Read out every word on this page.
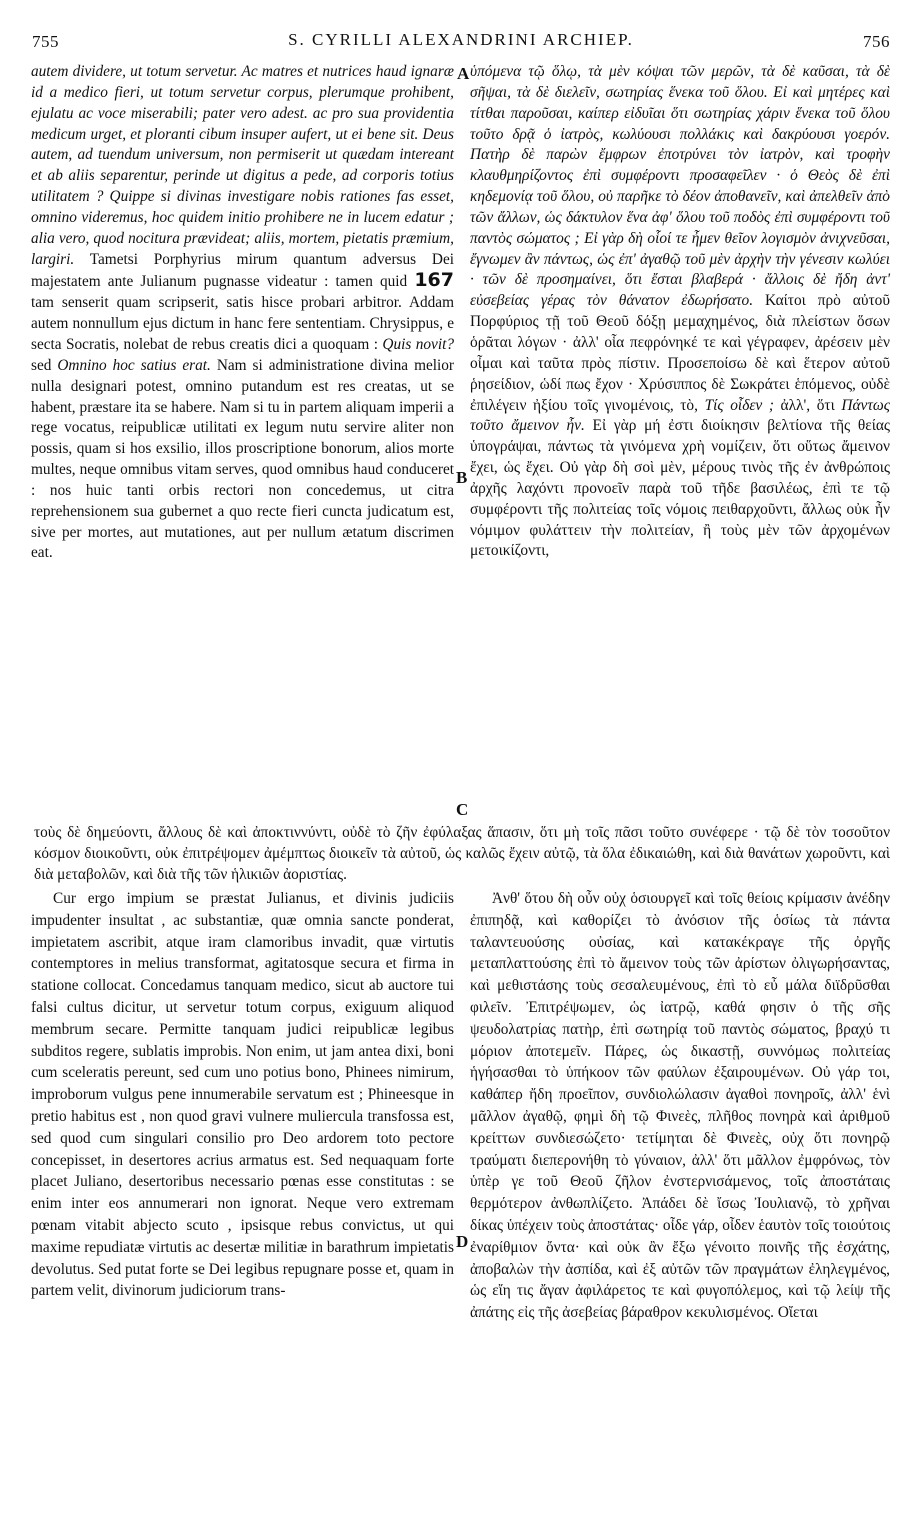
755	S. CYRILLI ALEXANDRINI ARCHIEP.	756
A
B
C
D

autem dividere, ut totum servetur. Ac matres et nutrices haud ignaræ id a medico fieri, ut totum servetur corpus, plerumque prohibent, ejulatu ac voce miserabili; pater vero adest. ac pro sua providentia medicum urget, et ploranti cibum insuper aufert, ut ei bene sit. Deus autem, ad tuendum universum, non permiserit ut quædam intereant et ab aliis separentur, perinde ut digitus a pede, ad corporis totius utilitatem ? Quippe si divinas investigare nobis rationes fas esset, omnino videremus, hoc quidem initio prohibere ne in lucem edatur ; alia vero, quod nocitura prævideat; aliis, mortem, pietatis præmium, largiri. Tametsi Porphyrius mirum quantum adversus Dei majestatem ante Julianum pugnasse videatur : tamen quid 167 tam senserit quam scripserit, satis hisce probari arbitror. Addam autem nonnullum ejus dictum in hanc fere sententiam. Chrysippus, e secta Socratis, nolebat de rebus creatis dici a quoquam : Quis novit? sed Omnino hoc satius erat. Nam si administratione divina melior nulla designari potest, omnino putandum est res creatas, ut se habent, præstare ita se habere. Nam si tu in partem aliquam imperii a rege vocatus, reipublicæ utilitati ex legum nutu servire aliter non possis, quam si hos exsilio, illos proscriptione bonorum, alios morte multes, neque omnibus vitam serves, quod omnibus haud conduceret : nos huic tanti orbis rectori non concedemus, ut citra reprehensionem sua gubernet a quo recte fieri cuncta judicatum est, sive per mortes, aut mutationes, aut per nullum ætatum discrimen eat.

ὑπόμενα τῷ ὅλῳ, τὰ μὲν κόψαι τῶν μερῶν, τὰ δὲ καῦσαι, τὰ δὲ σῆψαι, τὰ δὲ διελεῖν, σωτηρίας ἕνεκα τοῦ ὅλου. Εἰ καὶ μητέρες καὶ τίτθαι παροῦσαι, καίπερ εἰδυῖαι ὅτι σωτηρίας χάριν ἕνεκα τοῦ ὅλου τοῦτο δρᾷ ὁ ἰατρὸς, κωλύουσι πολλάκις καὶ δακρύουσι γοερόν. Πατὴρ δὲ παρὼν ἔμφρων ἐποτρύνει τὸν ἰατρὸν, καὶ τροφὴν κλαυθμηρίζοντος ἐπὶ συμφέροντι προσαφεῖλεν · ὁ Θεὸς δὲ ἐπὶ κηδεμονίᾳ τοῦ ὅλου, οὐ παρῆκε τὸ δέον ἀποθανεῖν, καὶ ἀπελθεῖν ἀπὸ τῶν ἄλλων, ὡς δάκτυλον ἕνα ἀφ' ὅλου τοῦ ποδὸς ἐπὶ συμφέροντι τοῦ παντὸς σώματος ; Εἰ γὰρ δὴ οἷοί τε ἦμεν θεῖον λογισμὸν ἀνιχνεῦσαι, ἔγνωμεν ἂν πάντως, ὡς ἐπ' ἀγαθῷ τοῦ μὲν ἀρχὴν τὴν γένεσιν κωλύει · τῶν δὲ προσημαίνει, ὅτι ἔσται βλαβερά · ἄλλοις δὲ ἤδη ἀντ' εὐσεβείας γέρας τὸν θάνατον ἐδωρήσατο. Καίτοι πρὸ αὐτοῦ Πορφύριος τῇ τοῦ Θεοῦ δόξῃ μεμαχημένος, διὰ πλείστων ὅσων ὁρᾶται λόγων · ἀλλ' οἷα πεφρόνηκέ τε καὶ γέγραφεν, ἀρέσειν μὲν οἶμαι καὶ ταῦτα πρὸς πίστιν. Προσεποίσω δὲ καὶ ἕτερον αὐτοῦ ῥησείδιον, ὡδί πως ἔχον · Χρύσιππος δὲ Σωκράτει ἑπόμενος, οὐδὲ ἐπιλέγειν ἠξίου τοῖς γινομένοις, τὸ, Τίς οἶδεν ; ἀλλ', ὅτι Πάντως τοῦτο ἄμεινον ἦν. Εἰ γὰρ μή ἐστι διοίκησιν βελτίονα τῆς θείας ὑπογράψαι, πάντως τὰ γινόμενα χρὴ νομίζειν, ὅτι οὕτως ἄμεινον ἔχει, ὡς ἔχει. Οὐ γὰρ δὴ σοὶ μὲν, μέρους τινὸς τῆς ἐν ἀνθρώποις ἀρχῆς λαχόντι προνοεῖν παρὰ τοῦ τῆδε βασιλέως, ἐπὶ τε τῷ συμφέροντι τῆς πολιτείας τοῖς νόμοις πειθαρχοῦντι, ἄλλως οὐκ ἦν νόμιμον φυλάττειν τὴν πολιτείαν, ἢ τοὺς μὲν τῶν ἀρχομένων μετοικίζοντι,

τοὺς δὲ δημεύοντι, ἄλλους δὲ καὶ ἀποκτιννύντι, οὐδὲ τὸ ζῆν ἐφύλαξας ἅπασιν, ὅτι μὴ τοῖς πᾶσι τοῦτο συνέφερε · τῷ δὲ τὸν τοσοῦτον κόσμον διοικοῦντι, οὐκ ἐπιτρέψομεν ἀμέμπτως διοικεῖν τὰ αὐτοῦ, ὡς καλῶς ἔχειν αὐτῷ, τὰ ὅλα ἐδικαιώθη, καὶ διὰ θανάτων χωροῦντι, καὶ διὰ μεταβολῶν, καὶ διὰ τῆς τῶν ἡλικιῶν ἀοριστίας.

Cur ergo impium se præstat Julianus, et divinis judiciis impudenter insultat , ac substantiæ, quæ omnia sancte ponderat, impietatem ascribit, atque iram clamoribus invadit, quæ virtutis contemptores in melius transformat, agitatosque secura et firma in statione collocat. Concedamus tanquam medico, sicut ab auctore tui falsi cultus dicitur, ut servetur totum corpus, exiguum aliquod membrum secare. Permitte tanquam judici reipublicæ legibus subditos regere, sublatis improbis. Non enim, ut jam antea dixi, boni cum sceleratis pereunt, sed cum uno potius bono, Phinees nimirum, improborum vulgus pene innumerabile servatum est ; Phineesque in pretio habitus est , non quod gravi vulnere muliercula transfossa est, sed quod cum singulari consilio pro Deo ardorem toto pectore concepisset, in desertores acrius armatus est. Sed nequaquam forte placet Juliano, desertoribus necessario pœnas esse constitutas : se enim inter eos annumerari non ignorat. Neque vero extremam pœnam vitabit abjecto scuto , ipsisque rebus convictus, ut qui maxime repudiatæ virtutis ac desertæ militiæ in barathrum impietatis devolutus. Sed putat forte se Dei legibus repugnare posse et, quam in partem velit, divinorum judiciorum trans-

Ἀνθ' ὅτου δὴ οὖν οὐχ ὁσιουργεῖ καὶ τοῖς θείοις κρίμασιν ἀνέδην ἐπιπηδᾷ, καὶ καθορίζει τὸ ἀνόσιον τῆς ὁσίως τὰ πάντα ταλαντευούσης οὐσίας, καὶ κατακέκραγε τῆς ὀργῆς μεταπλαττούσης ἐπὶ τὸ ἄμεινον τοὺς τῶν ἀρίστων ὀλιγωρήσαντας, καὶ μεθιστάσης τοὺς σεσαλευμένους, ἐπὶ τὸ εὖ μάλα διϊδρῦσθαι φιλεῖν. Ἐπιτρέψωμεν, ὡς ἰατρῷ, καθά φησιν ὁ τῆς σῆς ψευδολατρίας πατὴρ, ἐπὶ σωτηρίᾳ τοῦ παντὸς σώματος, βραχύ τι μόριον ἀποτεμεῖν. Πάρες, ὡς δικαστῇ, συννόμως πολιτείας ἡγήσασθαι τὸ ὑπήκοον τῶν φαύλων ἐξαιρουμένων. Οὐ γάρ τοι, καθάπερ ἤδη προεῖπον, συνδιολώλασιν ἀγαθοὶ πονηροῖς, ἀλλ' ἑνὶ μᾶλλον ἀγαθῷ, φημὶ δὴ τῷ Φινεὲς, πλῆθος πονηρὰ καὶ ἀριθμοῦ κρείττων συνδιεσώζετο· τετίμηται δὲ Φινεὲς, οὐχ ὅτι πονηρῷ τραύματι διεπερονήθη τὸ γύναιον, ἀλλ' ὅτι μᾶλλον ἐμφρόνως, τὸν ὑπὲρ γε τοῦ Θεοῦ ζῆλον ἐνστερνισάμενος, τοῖς ἀποστάταις θερμότερον ἀνθωπλίζετο. Ἀπάδει δὲ ἴσως Ἰουλιανῷ, τὸ χρῆναι δίκας ὑπέχειν τοὺς ἀποστάτας· οἶδε γάρ, οἶδεν ἑαυτὸν τοῖς τοιούτοις ἐναρίθμιον ὄντα· καὶ οὐκ ἂν ἔξω γένοιτο ποινῆς τῆς ἐσχάτης, ἀποβαλὼν τὴν ἀσπίδα, καὶ ἐξ αὐτῶν τῶν πραγμάτων ἐληλεγμένος, ὡς εἴη τις ἄγαν ἀφιλάρετος τε καὶ φυγοπόλεμος, καὶ τῷ λείψ τῆς ἀπάτης εἰς τῆς ἀσεβείας βάραθρον κεκυλισμένος. Οἴεται
